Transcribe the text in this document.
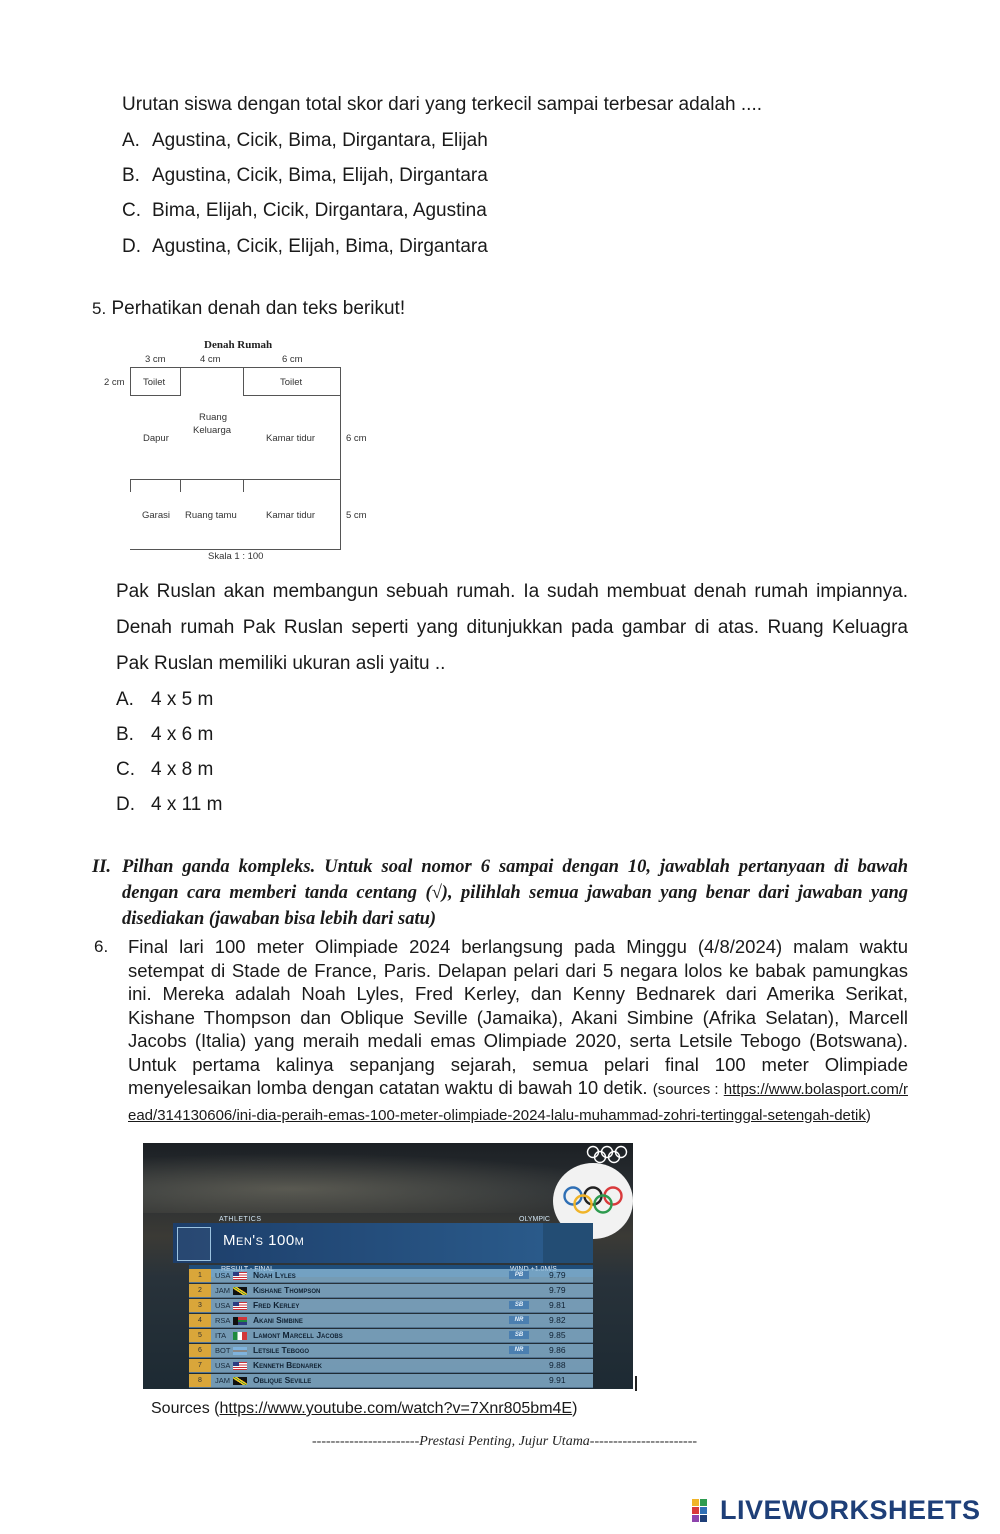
Urutan siswa dengan total skor dari yang terkecil sampai terbesar adalah ....
A. Agustina, Cicik, Bima, Dirgantara, Elijah
B. Agustina, Cicik, Bima, Elijah, Dirgantara
C. Bima, Elijah, Cicik, Dirgantara, Agustina
D. Agustina, Cicik, Elijah, Bima, Dirgantara
5. Perhatikan denah dan teks berikut!
Denah Rumah
3 cm	4 cm	6 cm
2 cm
6 cm
5 cm
Toilet	Toilet
Ruang
Keluarga
Dapur	Kamar tidur
Garasi Ruang tamu	Kamar tidur
Skala 1 : 100
Pak Ruslan akan membangun sebuah rumah. Ia sudah membuat denah rumah impiannya. Denah rumah Pak Ruslan seperti yang ditunjukkan pada gambar di atas. Ruang Keluagra Pak Ruslan memiliki ukuran asli yaitu ..
A. 4 x 5 m
B. 4 x 6 m
C. 4 x 8 m
D. 4 x 11 m
II. Pilhan ganda kompleks. Untuk soal nomor 6 sampai dengan 10, jawablah pertanyaan di bawah dengan cara memberi tanda centang (√), pilihlah semua jawaban yang benar dari jawaban yang disediakan (jawaban bisa lebih dari satu)
6. Final lari 100 meter Olimpiade 2024 berlangsung pada Minggu (4/8/2024) malam waktu setempat di Stade de France, Paris. Delapan pelari dari 5 negara lolos ke babak pamungkas ini. Mereka adalah Noah Lyles, Fred Kerley, dan Kenny Bednarek dari Amerika Serikat, Kishane Thompson dan Oblique Seville (Jamaika), Akani Simbine (Afrika Selatan), Marcell Jacobs (Italia) yang meraih medali emas Olimpiade 2020, serta Letsile Tebogo (Botswana). Untuk pertama kalinya sepanjang sejarah, semua pelari final 100 meter Olimpiade menyelesaikan lomba dengan catatan waktu di bawah 10 detik. (sources : https://www.bolasport.com/read/314130606/ini-dia-peraih-emas-100-meter-olimpiade-2024-lalu-muhammad-zohri-tertinggal-setengah-detik)
ATHLETICS	OLYMPIC
Men's 100m
1	USA	Noah Lyles	PB	9.79
2	JAM	Kishane Thompson	9.79
3	USA	Fred Kerley	SB	9.81
4	RSA	Akani Simbine	NR	9.82
5	ITA	Lamont Marcell Jacobs	SB	9.85
6	BOT	Letsile Tebogo	NR	9.86
7	USA	Kenneth Bednarek	9.88
8	JAM	Oblique Seville	9.91
Sources (https://www.youtube.com/watch?v=7Xnr805bm4E)
-----------------------Prestasi Penting, Jujur Utama-----------------------
LIVEWORKSHEETS
